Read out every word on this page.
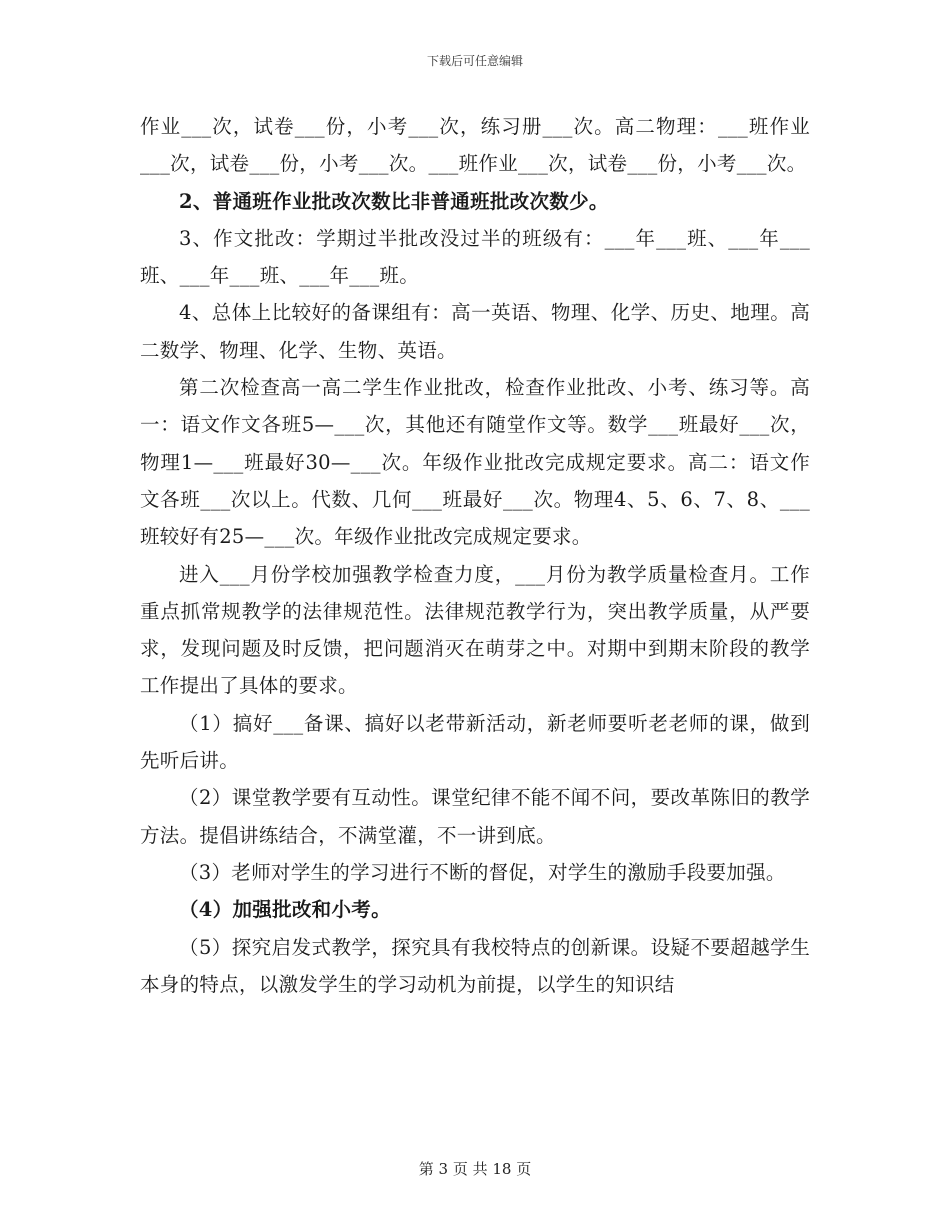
下载后可任意编辑

作业___次，试卷___份，小考___次，练习册___次。高二物理：___班作业___次，试卷___份，小考___次。___班作业___次，试卷___份，小考___次。

2、普通班作业批改次数比非普通班批改次数少。

3、作文批改：学期过半批改没过半的班级有：___年___班、___年___班、___年___班、___年___班。

4、总体上比较好的备课组有：高一英语、物理、化学、历史、地理。高二数学、物理、化学、生物、英语。

第二次检查高一高二学生作业批改，检查作业批改、小考、练习等。高一：语文作文各班5—___次，其他还有随堂作文等。数学___班最好___次，物理1—___班最好30—___次。年级作业批改完成规定要求。高二：语文作文各班___次以上。代数、几何___班最好___次。物理4、5、6、7、8、___班较好有25—___次。年级作业批改完成规定要求。

进入___月份学校加强教学检查力度，___月份为教学质量检查月。工作重点抓常规教学的法律规范性。法律规范教学行为，突出教学质量，从严要求，发现问题及时反馈，把问题消灭在萌芽之中。对期中到期末阶段的教学工作提出了具体的要求。

（1）搞好___备课、搞好以老带新活动，新老师要听老老师的课，做到先听后讲。

（2）课堂教学要有互动性。课堂纪律不能不闻不问，要改革陈旧的教学方法。提倡讲练结合，不满堂灌，不一讲到底。

（3）老师对学生的学习进行不断的督促，对学生的激励手段要加强。

（4）加强批改和小考。

（5）探究启发式教学，探究具有我校特点的创新课。设疑不要超越学生本身的特点，以激发学生的学习动机为前提，以学生的知识结

第 3 页 共 18 页
